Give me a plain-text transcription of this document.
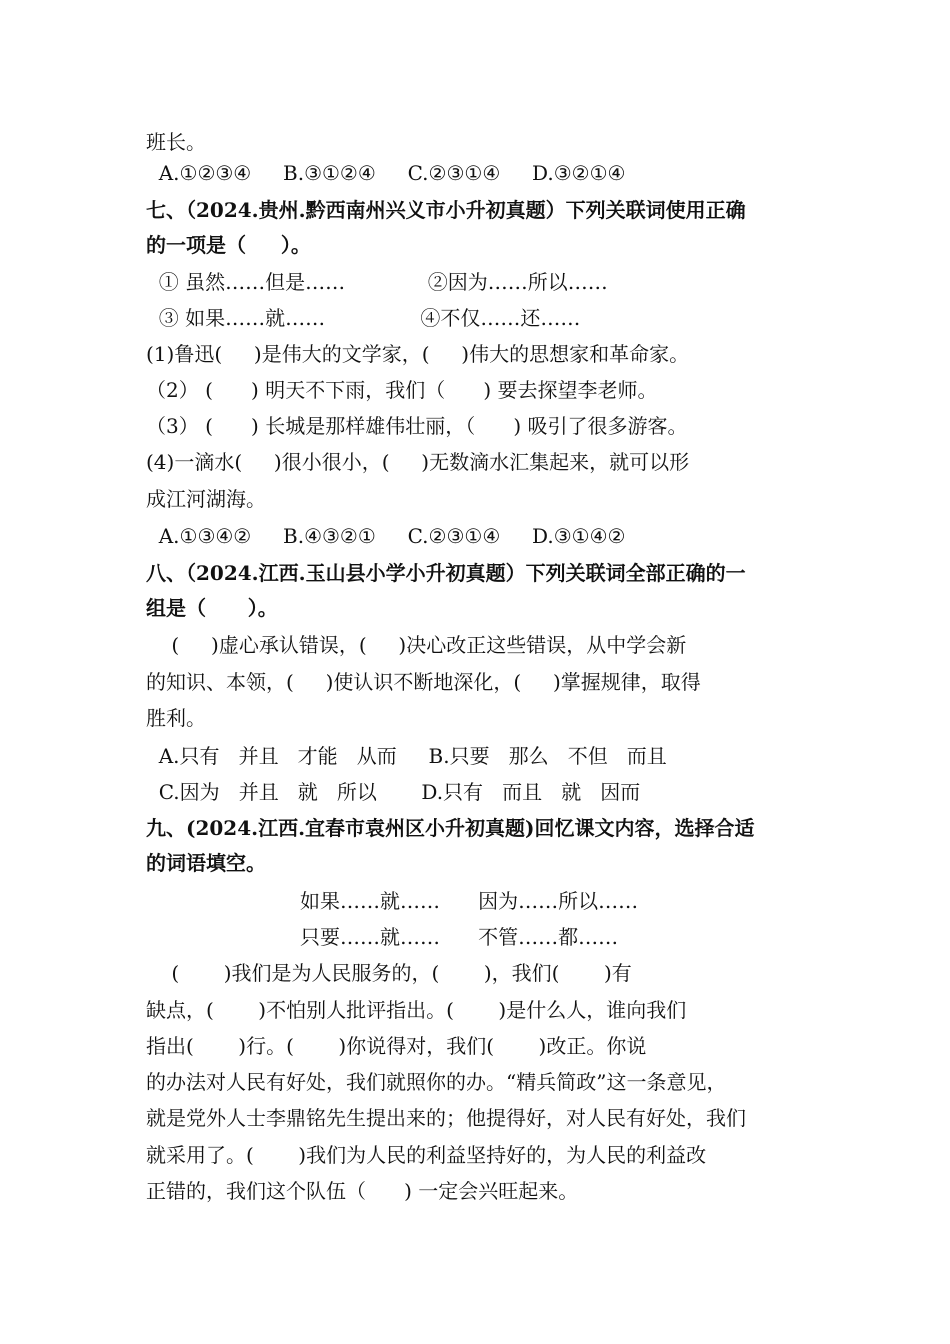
班长。
A.①②③④     B.③①②④     C.②③①④     D.③②①④
七、（2024.贵州.黔西南州兴义市小升初真题）下列关联词使用正确
的一项是（     ）。
① 虽然……但是……             ②因为……所以……
③ 如果……就……               ④不仅……还……
(1)鲁迅(     )是伟大的文学家，(     )伟大的思想家和革命家。
（2） (      ) 明天不下雨，我们（      ) 要去探望李老师。
（3） (      ) 长城是那样雄伟壮丽，（      ) 吸引了很多游客。
(4)一滴水(     )很小很小，(     )无数滴水汇集起来，就可以形
成江河湖海。
A.①③④②     B.④③②①     C.②③①④     D.③①④②
八、（2024.江西.玉山县小学小升初真题）下列关联词全部正确的一
组是（      ）。
(     )虚心承认错误，(     )决心改正这些错误，从中学会新
的知识、本领，(     )使认识不断地深化，(     )掌握规律，取得
胜利。
A.只有   并且   才能   从而     B.只要   那么   不但   而且
C.因为   并且   就   所以       D.只有   而且   就   因而
九、(2024.江西.宜春市袁州区小升初真题)回忆课文内容，选择合适
的词语填空。
如果……就……      因为……所以……
只要……就……      不管……都……
(       )我们是为人民服务的，(       )，我们(       )有
缺点，(       )不怕别人批评指出。(       )是什么人，谁向我们
指出(       )行。(       )你说得对，我们(       )改正。你说
的办法对人民有好处，我们就照你的办。“精兵简政”这一条意见，
就是党外人士李鼎铭先生提出来的；他提得好，对人民有好处，我们
就采用了。(       )我们为人民的利益坚持好的，为人民的利益改
正错的，我们这个队伍（      ) 一定会兴旺起来。
